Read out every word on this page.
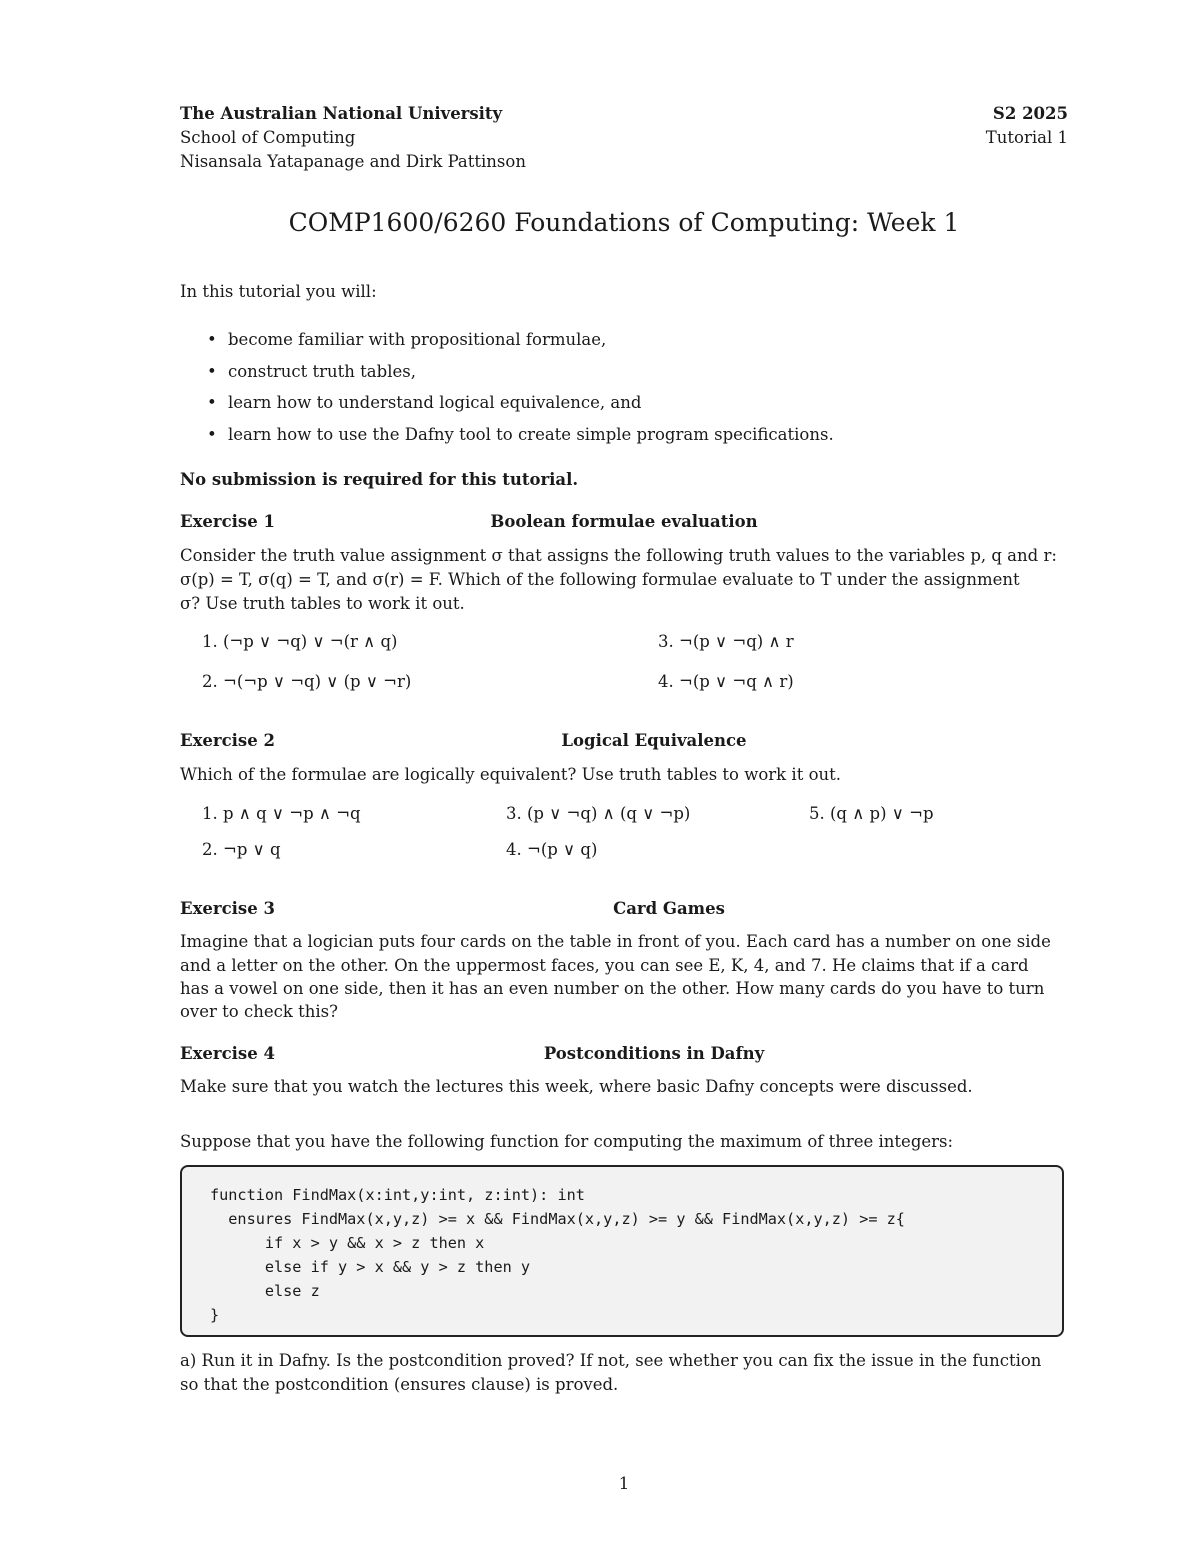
The Australian National University	S2 2025
School of Computing	Tutorial 1
Nisansala Yatapanage and Dirk Pattinson
COMP1600/6260 Foundations of Computing: Week 1
In this tutorial you will:
• become familiar with propositional formulae,
• construct truth tables,
• learn how to understand logical equivalence, and
• learn how to use the Dafny tool to create simple program specifications.
No submission is required for this tutorial.
Exercise 1	Boolean formulae evaluation
Consider the truth value assignment σ that assigns the following truth values to the variables p, q and r:
σ(p) = T, σ(q) = T, and σ(r) = F. Which of the following formulae evaluate to T under the assignment
σ? Use truth tables to work it out.
1. (¬p ∨ ¬q) ∨ ¬(r ∧ q)
2. ¬(¬p ∨ ¬q) ∨ (p ∨ ¬r)
3. ¬(p ∨ ¬q) ∧ r
4. ¬(p ∨ ¬q ∧ r)
Exercise 2	Logical Equivalence
Which of the formulae are logically equivalent? Use truth tables to work it out.
1. p ∧ q ∨ ¬p ∧ ¬q
2. ¬p ∨ q
3. (p ∨ ¬q) ∧ (q ∨ ¬p)
4. ¬(p ∨ q)
5. (q ∧ p) ∨ ¬p
Exercise 3	Card Games
Imagine that a logician puts four cards on the table in front of you. Each card has a number on one side
and a letter on the other. On the uppermost faces, you can see E, K, 4, and 7. He claims that if a card
has a vowel on one side, then it has an even number on the other. How many cards do you have to turn
over to check this?
Exercise 4	Postconditions in Dafny
Make sure that you watch the lectures this week, where basic Dafny concepts were discussed.
Suppose that you have the following function for computing the maximum of three integers:
function FindMax(x:int,y:int, z:int): int
ensures FindMax(x,y,z) >= x && FindMax(x,y,z) >= y && FindMax(x,y,z) >= z{
if x > y && x > z then x
else if y > x && y > z then y
else z
}
a) Run it in Dafny. Is the postcondition proved? If not, see whether you can fix the issue in the function
so that the postcondition (ensures clause) is proved.
1
